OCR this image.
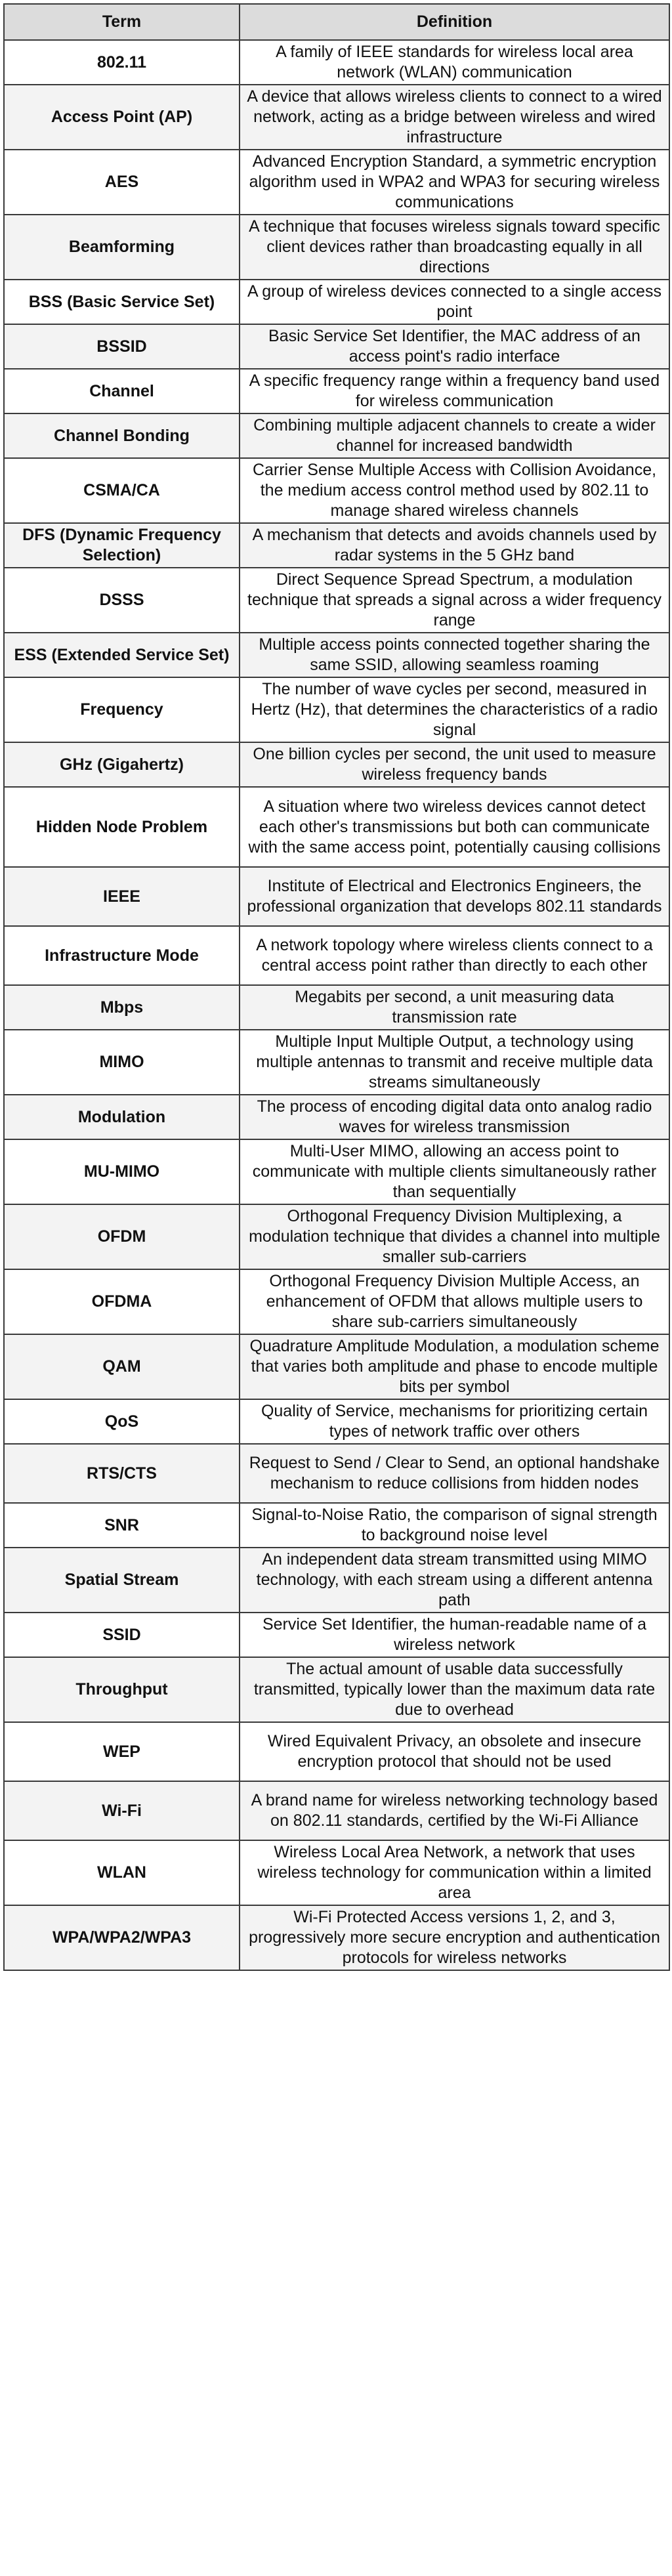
Term	Definition
802.11	A family of IEEE standards for wireless local area network (WLAN) communication
Access Point (AP)	A device that allows wireless clients to connect to a wired network, acting as a bridge between wireless and wired infrastructure
AES	Advanced Encryption Standard, a symmetric encryption algorithm used in WPA2 and WPA3 for securing wireless communications
Beamforming	A technique that focuses wireless signals toward specific client devices rather than broadcasting equally in all directions
BSS (Basic Service Set)	A group of wireless devices connected to a single access point
BSSID	Basic Service Set Identifier, the MAC address of an access point's radio interface
Channel	A specific frequency range within a frequency band used for wireless communication
Channel Bonding	Combining multiple adjacent channels to create a wider channel for increased bandwidth
CSMA/CA	Carrier Sense Multiple Access with Collision Avoidance, the medium access control method used by 802.11 to manage shared wireless channels
DFS (Dynamic Frequency Selection)	A mechanism that detects and avoids channels used by radar systems in the 5 GHz band
DSSS	Direct Sequence Spread Spectrum, a modulation technique that spreads a signal across a wider frequency range
ESS (Extended Service Set)	Multiple access points connected together sharing the same SSID, allowing seamless roaming
Frequency	The number of wave cycles per second, measured in Hertz (Hz), that determines the characteristics of a radio signal
GHz (Gigahertz)	One billion cycles per second, the unit used to measure wireless frequency bands
Hidden Node Problem	A situation where two wireless devices cannot detect each other's transmissions but both can communicate with the same access point, potentially causing collisions
IEEE	Institute of Electrical and Electronics Engineers, the professional organization that develops 802.11 standards
Infrastructure Mode	A network topology where wireless clients connect to a central access point rather than directly to each other
Mbps	Megabits per second, a unit measuring data transmission rate
MIMO	Multiple Input Multiple Output, a technology using multiple antennas to transmit and receive multiple data streams simultaneously
Modulation	The process of encoding digital data onto analog radio waves for wireless transmission
MU-MIMO	Multi-User MIMO, allowing an access point to communicate with multiple clients simultaneously rather than sequentially
OFDM	Orthogonal Frequency Division Multiplexing, a modulation technique that divides a channel into multiple smaller sub-carriers
OFDMA	Orthogonal Frequency Division Multiple Access, an enhancement of OFDM that allows multiple users to share sub-carriers simultaneously
QAM	Quadrature Amplitude Modulation, a modulation scheme that varies both amplitude and phase to encode multiple bits per symbol
QoS	Quality of Service, mechanisms for prioritizing certain types of network traffic over others
RTS/CTS	Request to Send / Clear to Send, an optional handshake mechanism to reduce collisions from hidden nodes
SNR	Signal-to-Noise Ratio, the comparison of signal strength to background noise level
Spatial Stream	An independent data stream transmitted using MIMO technology, with each stream using a different antenna path
SSID	Service Set Identifier, the human-readable name of a wireless network
Throughput	The actual amount of usable data successfully transmitted, typically lower than the maximum data rate due to overhead
WEP	Wired Equivalent Privacy, an obsolete and insecure encryption protocol that should not be used
Wi-Fi	A brand name for wireless networking technology based on 802.11 standards, certified by the Wi-Fi Alliance
WLAN	Wireless Local Area Network, a network that uses wireless technology for communication within a limited area
WPA/WPA2/WPA3	Wi-Fi Protected Access versions 1, 2, and 3, progressively more secure encryption and authentication protocols for wireless networks
